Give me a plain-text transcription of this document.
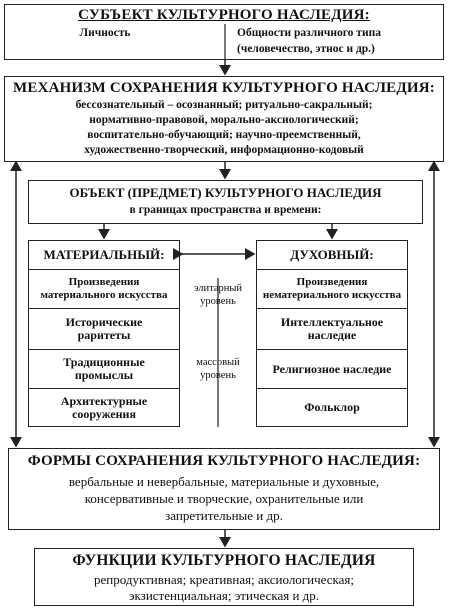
СУБЪЕКТ КУЛЬТУРНОГО НАСЛЕДИЯ:
Личность	Общности различного типа
(человечество, этнос и др.)
МЕХАНИЗМ СОХРАНЕНИЯ КУЛЬТУРНОГО НАСЛЕДИЯ:
бессознательный – осознанный; ритуально-сакральный;
нормативно-правовой, морально-аксиологический;
воспитательно-обучающий; научно-преемственный,
художественно-творческий, информационно-кодовый
ОБЪЕКТ (ПРЕДМЕТ) КУЛЬТУРНОГО НАСЛЕДИЯ
в границах пространства и времени:
МАТЕРИАЛЬНЫЙ:
Произведения
материального искусства
Исторические
раритеты
Традиционные
промыслы
Архитектурные
сооружения
ДУХОВНЫЙ:
Произведения
нематериального искусства
Интеллектуальное
наследие
Религиозное наследие
Фольклор
элитарный
уровень
массовый
уровень
ФОРМЫ СОХРАНЕНИЯ КУЛЬТУРНОГО НАСЛЕДИЯ:
вербальные и невербальные, материальные и духовные,
консервативные и творческие, охранительные или
запретительные и др.
ФУНКЦИИ КУЛЬТУРНОГО НАСЛЕДИЯ
репродуктивная; креативная; аксиологическая;
экзистенциальная; этическая и др.
